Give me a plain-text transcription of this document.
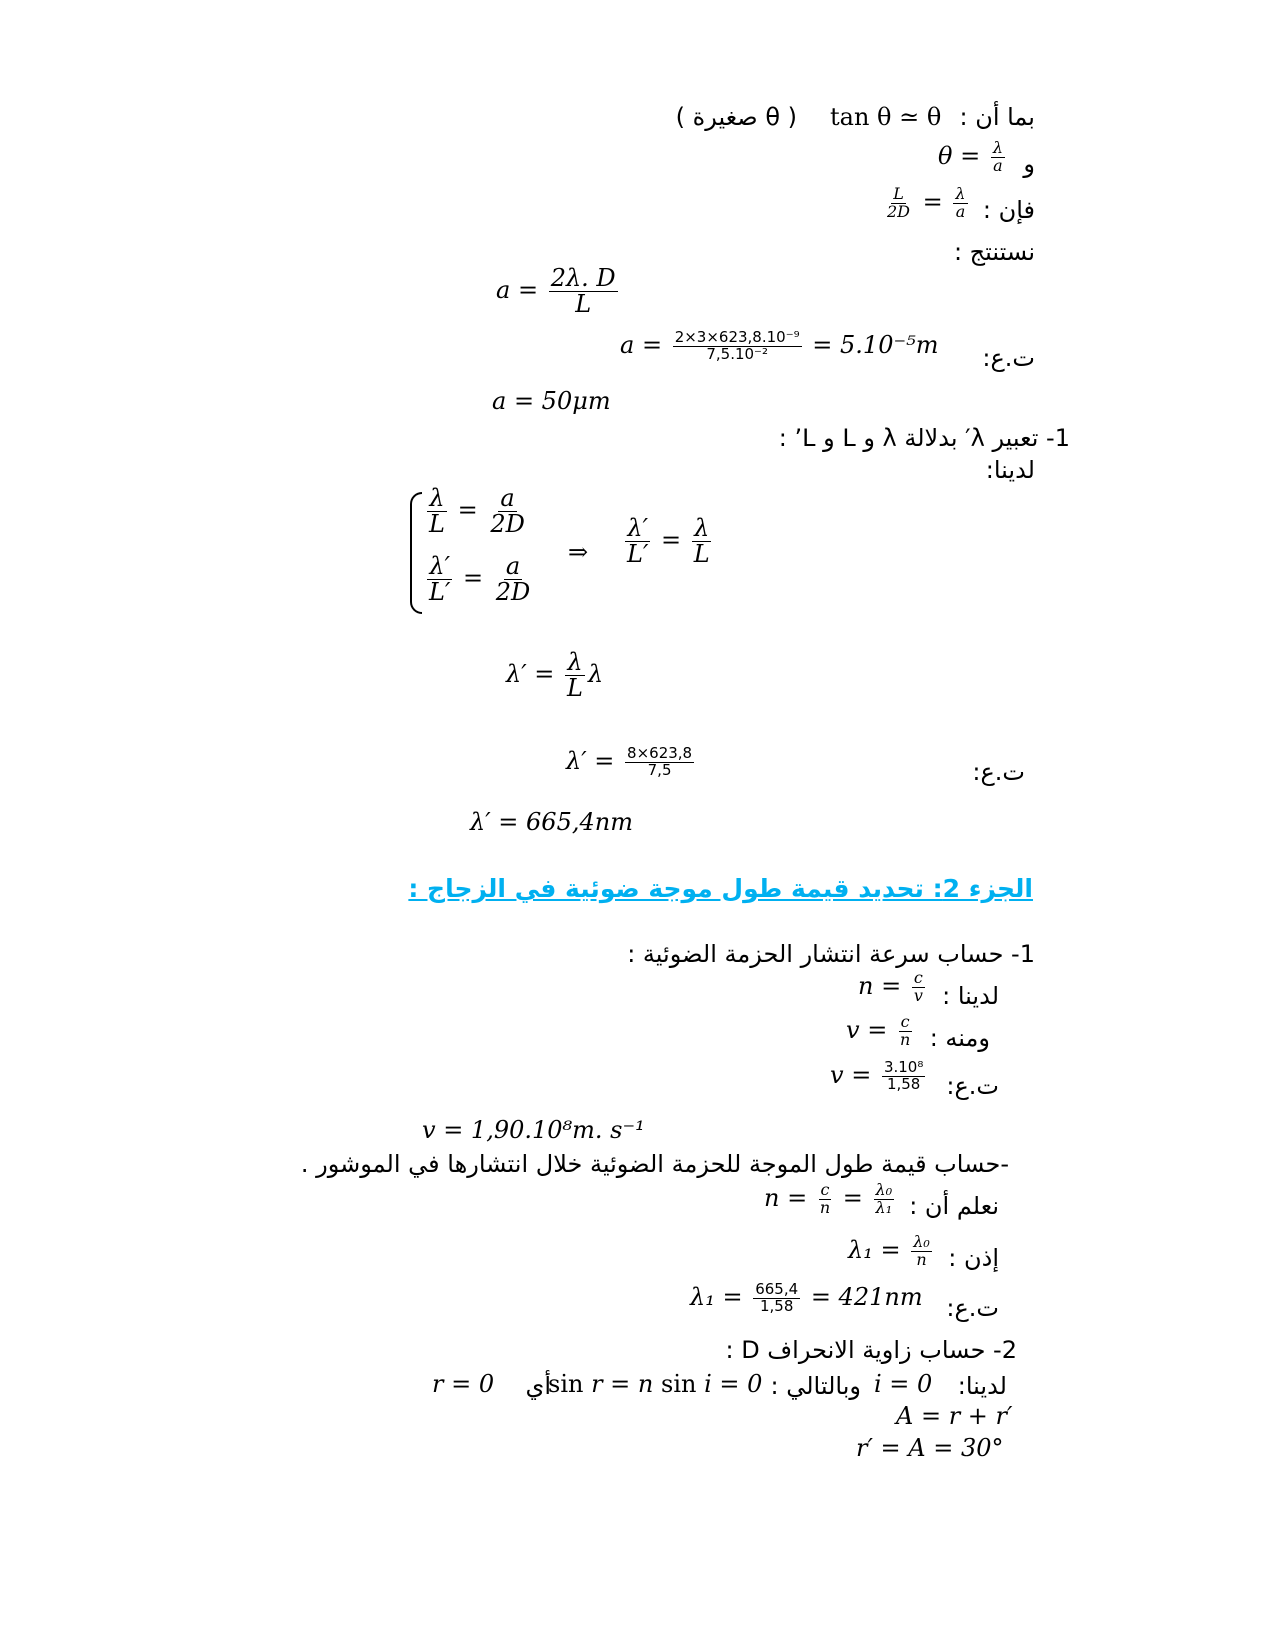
بما أن :
tan θ ≃ θ
( θ صغيرة )
و
$\theta = \frac{\lambda}{a}$
فإن :
$\frac{L}{2D} = \frac{\lambda}{a}$
نستنتج :
$a = \frac{2\lambda. D}{L}$
ت.ع:
$a = \frac{\text{2×3×623,8.10⁻⁹}}{\text{7,5.10⁻²}} = 5.10^{-5}m$
a = 50μm
1- تعبير λ′ بدلالة λ و L و L’ :
لدينا:
$\frac{\lambda}{L} = \frac{a}{2D}$
$\frac{\lambda'}{L'} = \frac{a}{2D}$
⇒ $\frac{\lambda'}{L'} = \frac{\lambda}{L}$
$\lambda' = \frac{\lambda}{L}$ λ
ت.ع:
$\lambda' = \frac{8\times 623,8}{7,5}$
λ′ = 665,4nm
الجزء 2: تحديد قيمة طول موجة ضوئية في الزجاج :
1- حساب سرعة انتشار الحزمة الضوئية :
لدينا :
$n = \frac{c}{v}$
ومنه :
$v = \frac{c}{n}$
ت.ع:
$v = \frac{\text{3.10⁸}}{1,58}$
v = 1,90.10⁸m. s⁻¹
-حساب قيمة طول الموجة للحزمة الضوئية خلال انتشارها في الموشور .
نعلم أن :
$n = \frac{c}{n} = \frac{\text{λ₀}}{\text{λ₁}}$
إذن :
$\lambda_1 = \frac{\text{λ₀}}{n}$
ت.ع:
$\lambda_1 = \frac{665,4}{1,58} = 421nm$
2- حساب زاوية الانحراف D :
لدينا:
i = 0
وبالتالي :
sin r = n sin i = 0
أي
r = 0
A = r + r′
r′ = A = 30°
